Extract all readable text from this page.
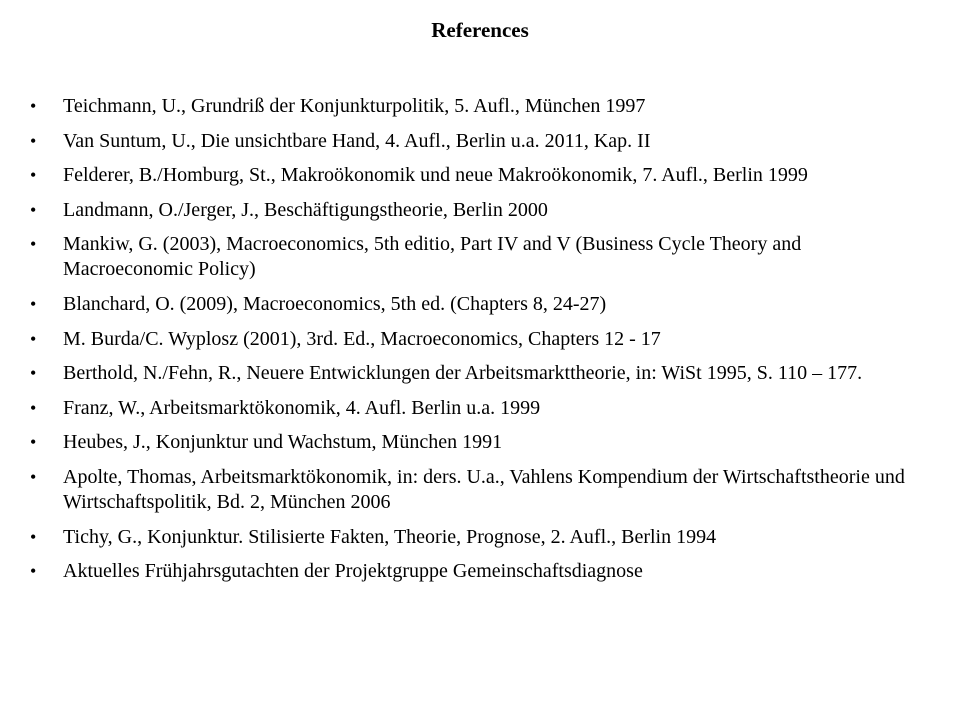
References
•	Teichmann, U., Grundriß der Konjunkturpolitik, 5. Aufl., München 1997
•	Van Suntum, U., Die unsichtbare Hand, 4. Aufl., Berlin u.a. 2011, Kap. II
•	Felderer, B./Homburg, St., Makroökonomik und neue Makroökonomik, 7. Aufl., Berlin 1999
•	Landmann, O./Jerger, J., Beschäftigungstheorie, Berlin 2000
•	Mankiw, G. (2003), Macroeconomics, 5th editio, Part IV and V (Business Cycle Theory and Macroeconomic Policy)
•	Blanchard, O. (2009), Macroeconomics, 5th ed. (Chapters 8, 24-27)
•	M. Burda/C. Wyplosz (2001), 3rd. Ed., Macroeconomics, Chapters 12 - 17
•	Berthold, N./Fehn, R., Neuere Entwicklungen der Arbeitsmarkttheorie, in: WiSt 1995, S. 110 – 177.
•	Franz, W., Arbeitsmarktökonomik, 4. Aufl. Berlin u.a. 1999
•	Heubes, J., Konjunktur und Wachstum, München 1991
•	Apolte, Thomas, Arbeitsmarktökonomik, in: ders. U.a., Vahlens Kompendium der Wirtschaftstheorie und Wirtschaftspolitik, Bd. 2, München 2006
•	Tichy, G., Konjunktur. Stilisierte Fakten, Theorie, Prognose, 2. Aufl., Berlin 1994
•	Aktuelles Frühjahrsgutachten der Projektgruppe Gemeinschaftsdiagnose
